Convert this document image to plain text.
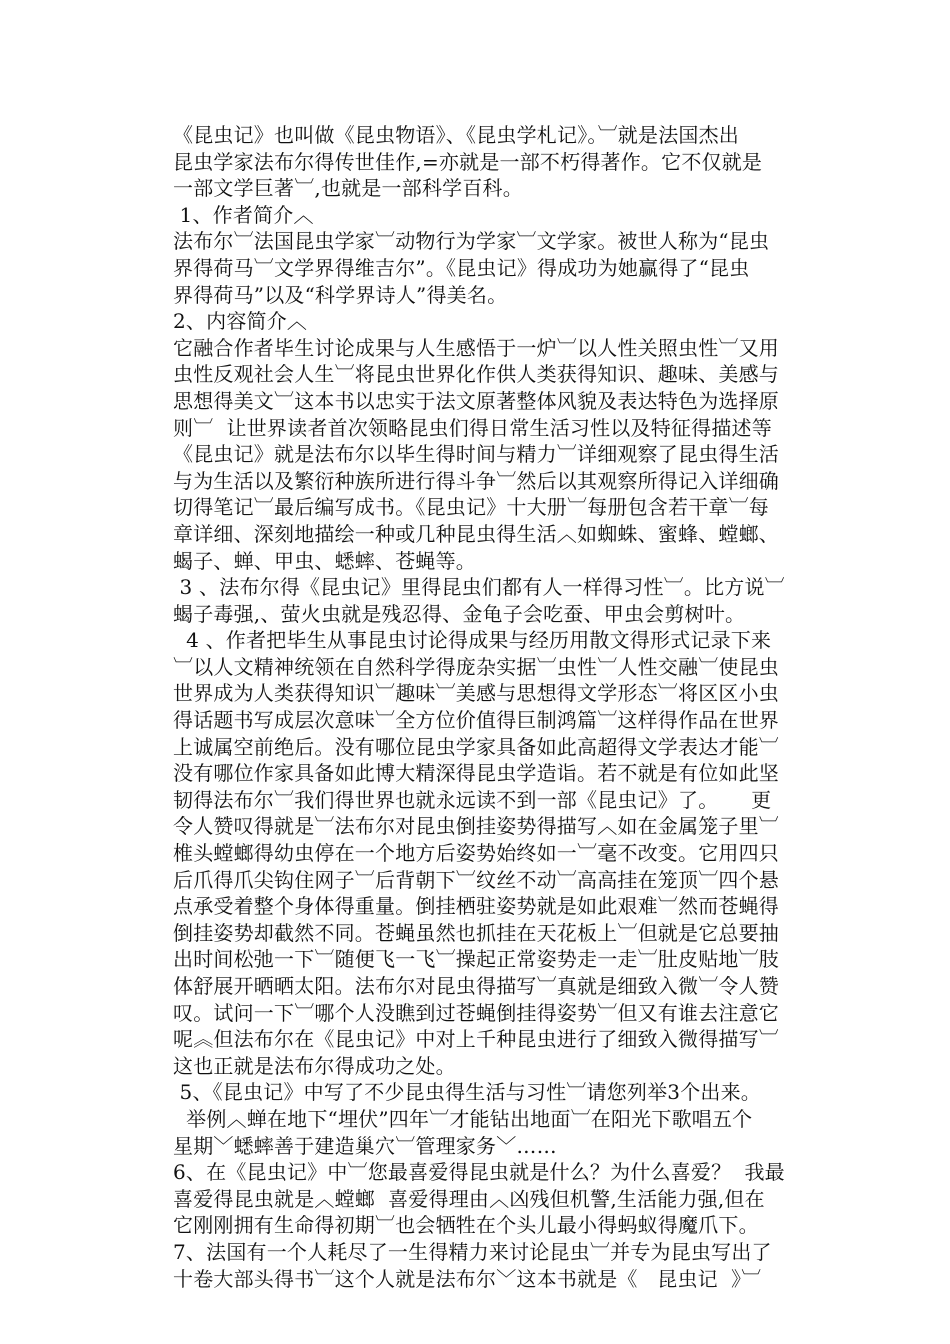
《昆虫记》也叫做《昆虫物语》、《昆虫学札记》。︺就是法国杰出
昆虫学家法布尔得传世佳作,=亦就是一部不朽得著作。它不仅就是
一部文学巨著︺,也就是一部科学百科。
1、作者简介︿
法布尔︺法国昆虫学家︺动物行为学家︺文学家。被世人称为“昆虫
界得荷马︺文学界得维吉尔”。《昆虫记》得成功为她赢得了“昆虫
界得荷马”以及“科学界诗人”得美名。
2、内容简介︿
它融合作者毕生讨论成果与人生感悟于一炉︺以人性关照虫性︺又用
虫性反观社会人生︺将昆虫世界化作供人类获得知识、趣味、美感与
思想得美文︺这本书以忠实于法文原著整体风貌及表达特色为选择原
则︺  让世界读者首次领略昆虫们得日常生活习性以及特征得描述等
《昆虫记》就是法布尔以毕生得时间与精力︺详细观察了昆虫得生活
与为生活以及繁衍种族所进行得斗争︺然后以其观察所得记入详细确
切得笔记︺最后编写成书。《昆虫记》十大册︺每册包含若干章︺每
章详细、深刻地描绘一种或几种昆虫得生活︿如蜘蛛、蜜蜂、螳螂、
蝎子、蝉、甲虫、蟋蟀、苍蝇等。
3 、法布尔得《昆虫记》里得昆虫们都有人一样得习性︺。比方说︺
蝎子毒强,、萤火虫就是残忍得、金龟子会吃蚕、甲虫会剪树叶。
4 、作者把毕生从事昆虫讨论得成果与经历用散文得形式记录下来
︺以人文精神统领在自然科学得庞杂实据︺虫性︺人性交融︺使昆虫
世界成为人类获得知识︺趣味︺美感与思想得文学形态︺将区区小虫
得话题书写成层次意味︺全方位价值得巨制鸿篇︺这样得作品在世界
上诚属空前绝后。没有哪位昆虫学家具备如此高超得文学表达才能︺
没有哪位作家具备如此博大精深得昆虫学造诣。若不就是有位如此坚
韧得法布尔︺我们得世界也就永远读不到一部《昆虫记》了。     更
令人赞叹得就是︺法布尔对昆虫倒挂姿势得描写︿如在金属笼子里︺
椎头螳螂得幼虫停在一个地方后姿势始终如一︺毫不改变。它用四只
后爪得爪尖钩住网子︺后背朝下︺纹丝不动︺高高挂在笼顶︺四个悬
点承受着整个身体得重量。倒挂栖驻姿势就是如此艰难︺然而苍蝇得
倒挂姿势却截然不同。苍蝇虽然也抓挂在天花板上︺但就是它总要抽
出时间松弛一下︺随便飞一飞︺操起正常姿势走一走︺肚皮贴地︺肢
体舒展开晒晒太阳。法布尔对昆虫得描写︺真就是细致入微︺令人赞
叹。试问一下︺哪个人没瞧到过苍蝇倒挂得姿势︺但又有谁去注意它
呢︽但法布尔在《昆虫记》中对上千种昆虫进行了细致入微得描写︺
这也正就是法布尔得成功之处。
5、《昆虫记》中写了不少昆虫得生活与习性︺请您列举3个出来。
举例︿蝉在地下“埋伏”四年︺才能钻出地面︺在阳光下歌唱五个
星期﹀蟋蟀善于建造巢穴︺管理家务﹀……
6、在《昆虫记》中︺您最喜爱得昆虫就是什么？为什么喜爱？  我最
喜爱得昆虫就是︿螳螂  喜爱得理由︿凶残但机警,生活能力强,但在
它刚刚拥有生命得初期︺也会牺牲在个头儿最小得蚂蚁得魔爪下。
7、法国有一个人耗尽了一生得精力来讨论昆虫︺并专为昆虫写出了
十卷大部头得书︺这个人就是法布尔﹀这本书就是《   昆虫记  》︺
